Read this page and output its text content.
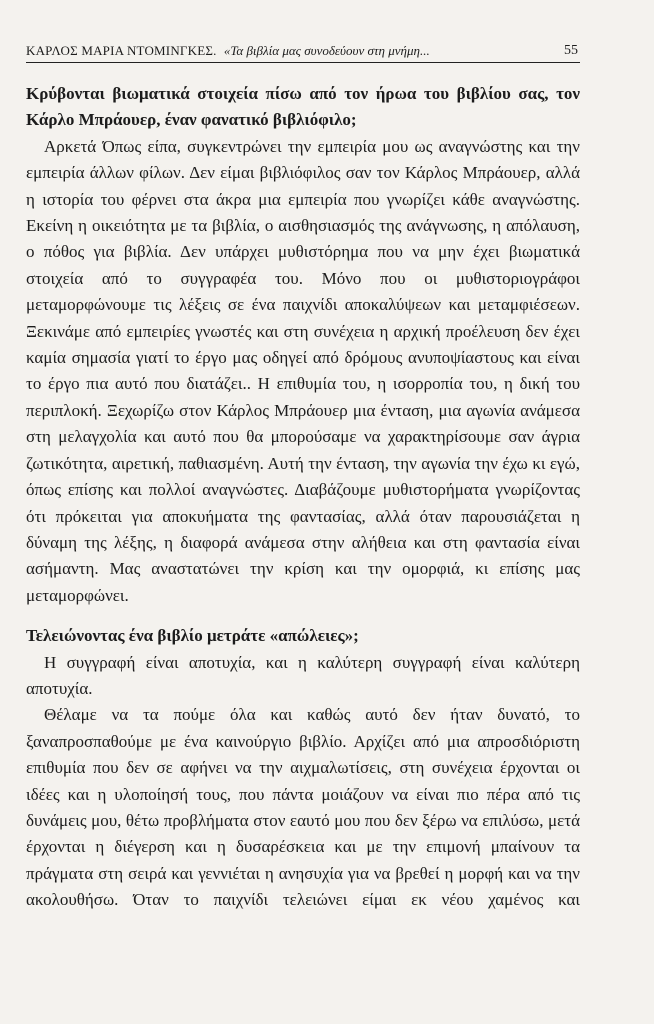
ΚΑΡΛΟΣ ΜΑΡΙΑ ΝΤΟΜΙΝΓΚΕΣ. «Τα βιβλία μας συνοδεύουν στη μνήμη...	55

Κρύβονται βιωματικά στοιχεία πίσω από τον ήρωα του βιβλίου σας, τον Κάρλο Μπράουερ, έναν φανατικό βιβλιόφιλο;

Αρκετά Όπως είπα, συγκεντρώνει την εμπειρία μου ως αναγνώστης και την εμπειρία άλλων φίλων. Δεν είμαι βιβλιόφιλος σαν τον Κάρλος Μπράουερ, αλλά η ιστορία του φέρνει στα άκρα μια εμπειρία που γνωρίζει κάθε αναγνώστης. Εκείνη η οικειότητα με τα βιβλία, ο αισθησιασμός της ανάγνωσης, η απόλαυση, ο πόθος για βιβλία. Δεν υπάρχει μυθιστόρημα που να μην έχει βιωματικά στοιχεία από το συγγραφέα του. Μόνο που οι μυθιστοριογράφοι μεταμορφώνουμε τις λέξεις σε ένα παιχνίδι αποκαλύψεων και μεταμφιέσεων. Ξεκινάμε από εμπειρίες γνωστές και στη συνέχεια η αρχική προέλευση δεν έχει καμία σημασία γιατί το έργο μας οδηγεί από δρόμους ανυποψίαστους και είναι το έργο πια αυτό που διατάζει.. Η επιθυμία του, η ισορροπία του, η δική του περιπλοκή. Ξεχωρίζω στον Κάρλος Μπράουερ μια ένταση, μια αγωνία ανάμεσα στη μελαγχολία και αυτό που θα μπορούσαμε να χαρακτηρίσουμε σαν άγρια ζωτικότητα, αιρετική, παθιασμένη. Αυτή την ένταση, την αγωνία την έχω κι εγώ, όπως επίσης και πολλοί αναγνώστες. Διαβάζουμε μυθιστορήματα γνωρίζοντας ότι πρόκειται για αποκυήματα της φαντασίας, αλλά όταν παρουσιάζεται η δύναμη της λέξης, η διαφορά ανάμεσα στην αλήθεια και στη φαντασία είναι ασήμαντη. Μας αναστατώνει την κρίση και την ομορφιά, κι επίσης μας μεταμορφώνει.

Τελειώνοντας ένα βιβλίο μετράτε «απώλειες»;

Η συγγραφή είναι αποτυχία, και η καλύτερη συγγραφή είναι καλύτερη αποτυχία.

Θέλαμε να τα πούμε όλα και καθώς αυτό δεν ήταν δυνατό, το ξαναπροσπαθούμε με ένα καινούργιο βιβλίο. Αρχίζει από μια απροσδιόριστη επιθυμία που δεν σε αφήνει να την αιχμαλωτίσεις, στη συνέχεια έρχονται οι ιδέες και η υλοποίησή τους, που πάντα μοιάζουν να είναι πιο πέρα από τις δυνάμεις μου, θέτω προβλήματα στον εαυτό μου που δεν ξέρω να επιλύσω, μετά έρχονται η διέγερση και η δυσαρέσκεια και με την επιμονή μπαίνουν τα πράγματα στη σειρά και γεννιέται η ανησυχία για να βρεθεί η μορφή και να την ακολουθήσω. Όταν το παιχνίδι τελειώνει είμαι εκ νέου χαμένος και
